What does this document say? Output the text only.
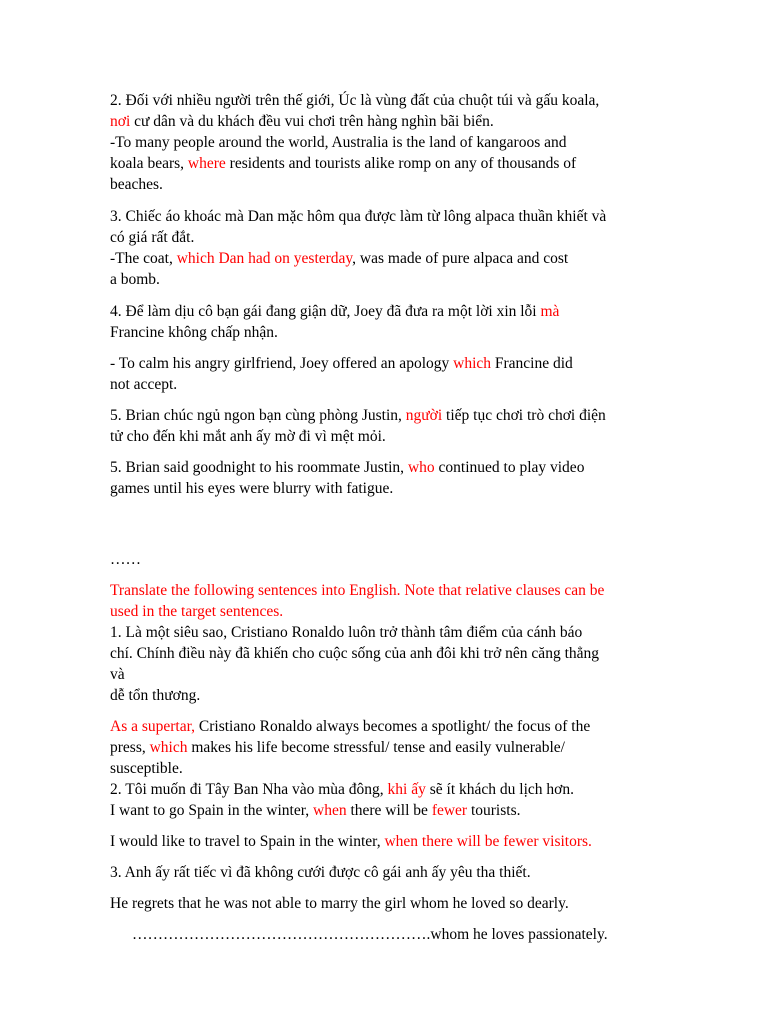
2. Đối với nhiều người trên thế giới, Úc là vùng đất của chuột túi và gấu koala,
nơi cư dân và du khách đều vui chơi trên hàng nghìn bãi biển.

-To many people around the world, Australia is the land of kangaroos and
koala bears, where residents and tourists alike romp on any of thousands of
beaches.

3. Chiếc áo khoác mà Dan mặc hôm qua được làm từ lông alpaca thuần khiết và
có giá rất đắt.

-The coat, which Dan had on yesterday, was made of pure alpaca and cost
a bomb.

4. Để làm dịu cô bạn gái đang giận dữ, Joey đã đưa ra một lời xin lỗi mà
Francine không chấp nhận.

- To calm his angry girlfriend, Joey offered an apology which Francine did
not accept.

5. Brian chúc ngủ ngon bạn cùng phòng Justin, người tiếp tục chơi trò chơi điện
tử cho đến khi mắt anh ấy mờ đi vì mệt mỏi.

5. Brian said goodnight to his roommate Justin, who continued to play video
games until his eyes were blurry with fatigue.

……

Translate the following sentences into English. Note that relative clauses can be
used in the target sentences.

1. Là một siêu sao, Cristiano Ronaldo luôn trở thành tâm điểm của cánh báo
chí. Chính điều này đã khiến cho cuộc sống của anh đôi khi trở nên căng thẳng
và
dễ tổn thương.

As a supertar, Cristiano Ronaldo always becomes a spotlight/ the focus of the
press, which makes his life become stressful/ tense and easily vulnerable/
susceptible.

2. Tôi muốn đi Tây Ban Nha vào mùa đông, khi ấy sẽ ít khách du lịch hơn.

I want to go Spain in the winter, when there will be fewer tourists.

I would like to travel to Spain in the winter, when there will be fewer visitors.

3. Anh ấy rất tiếc vì đã không cưới được cô gái anh ấy yêu tha thiết.

He regrets that he was not able to marry the girl whom he loved so dearly.

………………………………………………….whom he loves passionately.
